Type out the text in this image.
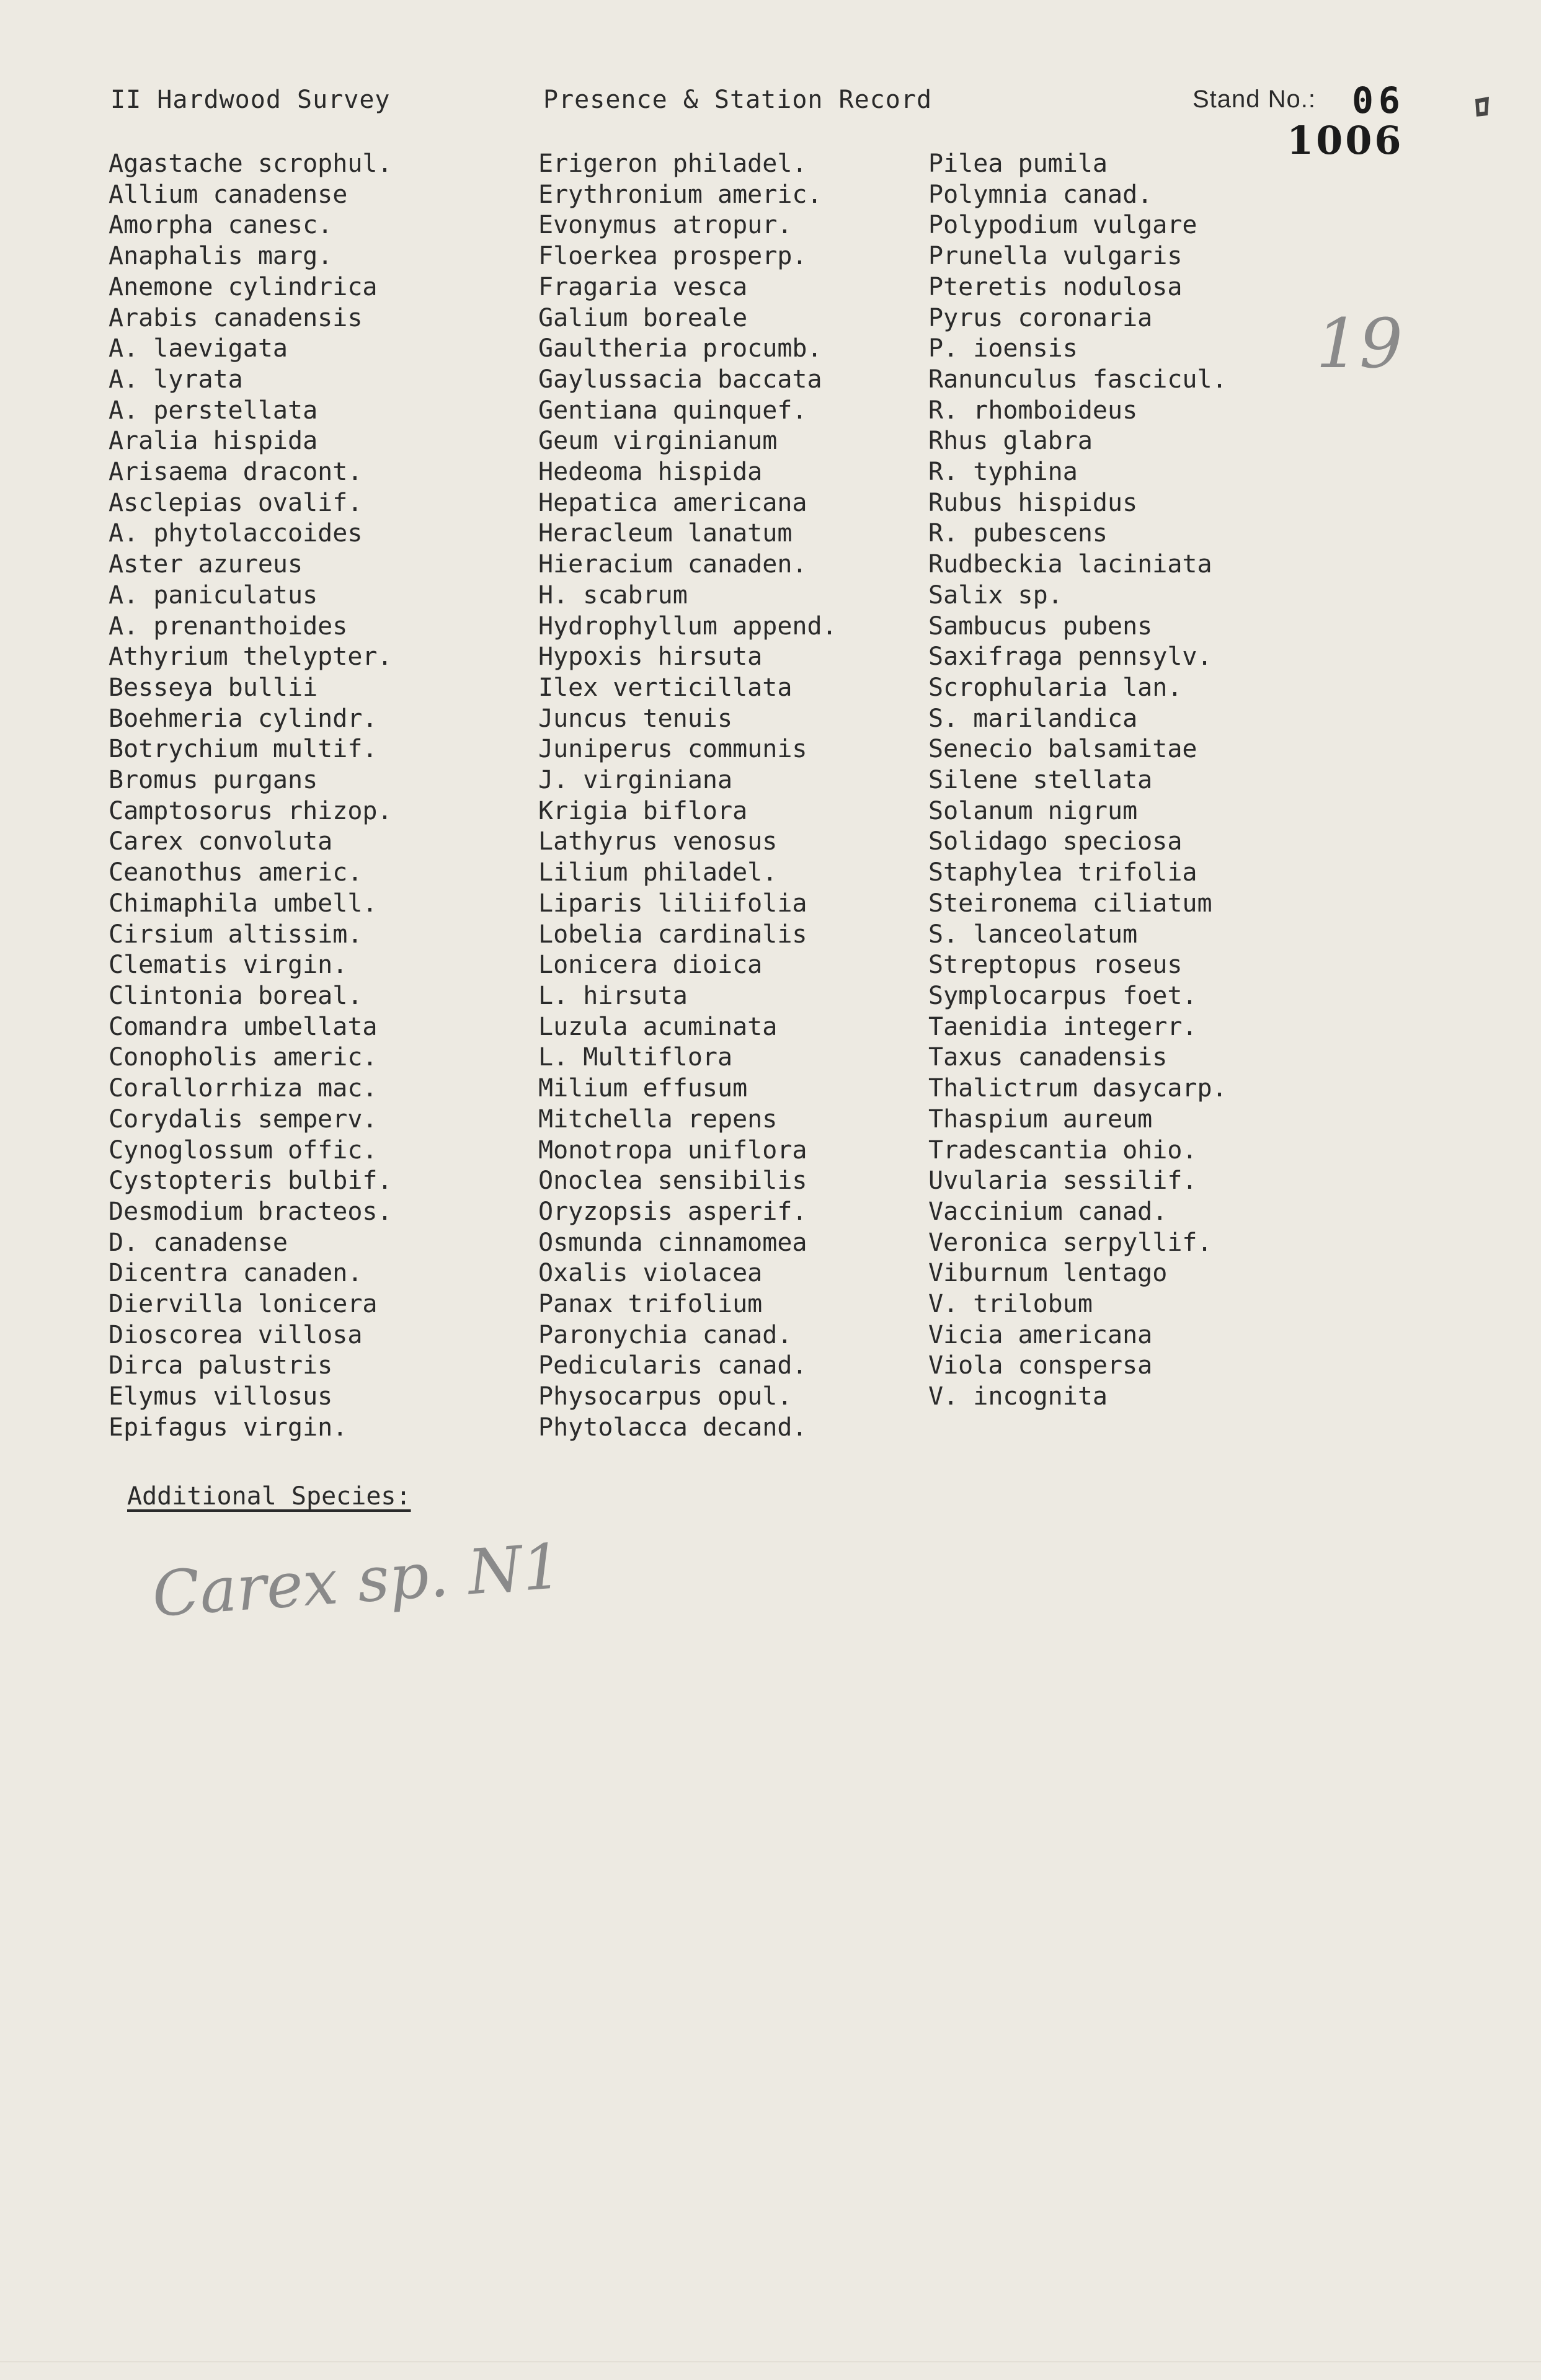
II Hardwood Survey	Presence & Station Record	Stand No.: 06
1006
19
Agastache scrophul.
Allium canadense
Amorpha canesc.
Anaphalis marg.
Anemone cylindrica
Arabis canadensis
A. laevigata
A. lyrata
A. perstellata
Aralia hispida
Arisaema dracont.
Asclepias ovalif.
A. phytolaccoides
Aster azureus
A. paniculatus
A. prenanthoides
Athyrium thelypter.
Besseya bullii
Boehmeria cylindr.
Botrychium multif.
Bromus purgans
Camptosorus rhizop.
Carex convoluta
Ceanothus americ.
Chimaphila umbell.
Cirsium altissim.
Clematis virgin.
Clintonia boreal.
Comandra umbellata
Conopholis americ.
Corallorrhiza mac.
Corydalis semperv.
Cynoglossum offic.
Cystopteris bulbif.
Desmodium bracteos.
D. canadense
Dicentra canaden.
Diervilla lonicera
Dioscorea villosa
Dirca palustris
Elymus villosus
Epifagus virgin.
Erigeron philadel.
Erythronium americ.
Evonymus atropur.
Floerkea prosperp.
Fragaria vesca
Galium boreale
Gaultheria procumb.
Gaylussacia baccata
Gentiana quinquef.
Geum virginianum
Hedeoma hispida
Hepatica americana
Heracleum lanatum
Hieracium canaden.
H. scabrum
Hydrophyllum append.
Hypoxis hirsuta
Ilex verticillata
Juncus tenuis
Juniperus communis
J. virginiana
Krigia biflora
Lathyrus venosus
Lilium philadel.
Liparis liliifolia
Lobelia cardinalis
Lonicera dioica
L. hirsuta
Luzula acuminata
L. Multiflora
Milium effusum
Mitchella repens
Monotropa uniflora
Onoclea sensibilis
Oryzopsis asperif.
Osmunda cinnamomea
Oxalis violacea
Panax trifolium
Paronychia canad.
Pedicularis canad.
Physocarpus opul.
Phytolacca decand.
Pilea pumila
Polymnia canad.
Polypodium vulgare
Prunella vulgaris
Pteretis nodulosa
Pyrus coronaria
P. ioensis
Ranunculus fascicul.
R. rhomboideus
Rhus glabra
R. typhina
Rubus hispidus
R. pubescens
Rudbeckia laciniata
Salix sp.
Sambucus pubens
Saxifraga pennsylv.
Scrophularia lan.
S. marilandica
Senecio balsamitae
Silene stellata
Solanum nigrum
Solidago speciosa
Staphylea trifolia
Steironema ciliatum
S. lanceolatum
Streptopus roseus
Symplocarpus foet.
Taenidia integerr.
Taxus canadensis
Thalictrum dasycarp.
Thaspium aureum
Tradescantia ohio.
Uvularia sessilif.
Vaccinium canad.
Veronica serpyllif.
Viburnum lentago
V. trilobum
Vicia americana
Viola conspersa
V. incognita
Additional Species:
Carex sp. N1
